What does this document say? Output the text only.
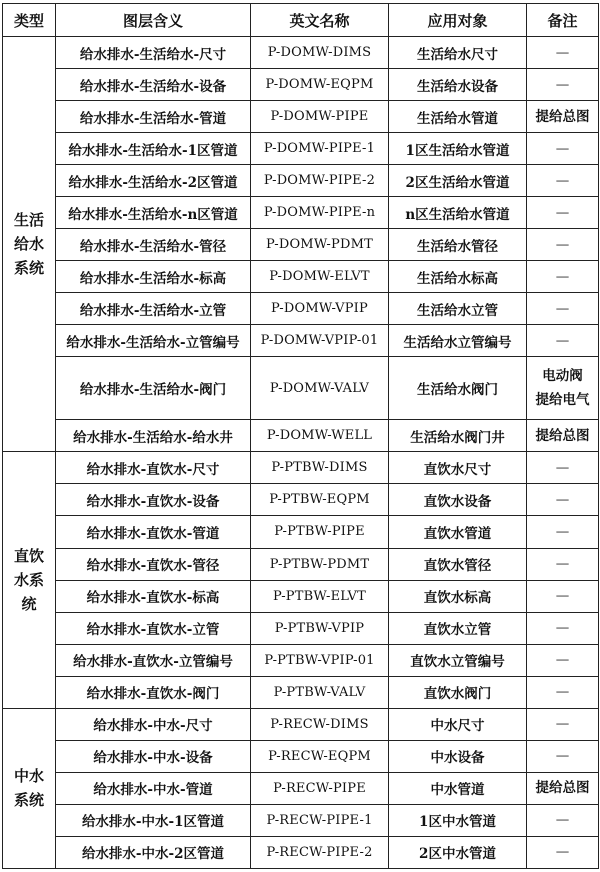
类型	图层含义	英文名称	应用对象	备注

生活
给水
系统	给水排水-生活给水-尺寸	P-DOMW-DIMS	生活给水尺寸	—

	给水排水-生活给水-设备	P-DOMW-EQPM	生活给水设备	—

	给水排水-生活给水-管道	P-DOMW-PIPE	生活给水管道	提给总图

	给水排水-生活给水-1区管道	P-DOMW-PIPE-1	1区生活给水管道	—

	给水排水-生活给水-2区管道	P-DOMW-PIPE-2	2区生活给水管道	—

	给水排水-生活给水-n区管道	P-DOMW-PIPE-n	n区生活给水管道	—

	给水排水-生活给水-管径	P-DOMW-PDMT	生活给水管径	—

	给水排水-生活给水-标高	P-DOMW-ELVT	生活给水标高	—

	给水排水-生活给水-立管	P-DOMW-VPIP	生活给水立管	—

	给水排水-生活给水-立管编号	P-DOMW-VPIP-01	生活给水立管编号	—

	给水排水-生活给水-阀门	P-DOMW-VALV	生活给水阀门	电动阀
提给电气

	给水排水-生活给水-给水井	P-DOMW-WELL	生活给水阀门井	提给总图

直饮
水系
统	给水排水-直饮水-尺寸	P-PTBW-DIMS	直饮水尺寸	—

	给水排水-直饮水-设备	P-PTBW-EQPM	直饮水设备	—

	给水排水-直饮水-管道	P-PTBW-PIPE	直饮水管道	—

	给水排水-直饮水-管径	P-PTBW-PDMT	直饮水管径	—

	给水排水-直饮水-标高	P-PTBW-ELVT	直饮水标高	—

	给水排水-直饮水-立管	P-PTBW-VPIP	直饮水立管	—

	给水排水-直饮水-立管编号	P-PTBW-VPIP-01	直饮水立管编号	—

	给水排水-直饮水-阀门	P-PTBW-VALV	直饮水阀门	—

中水
系统	给水排水-中水-尺寸	P-RECW-DIMS	中水尺寸	—

	给水排水-中水-设备	P-RECW-EQPM	中水设备	—

	给水排水-中水-管道	P-RECW-PIPE	中水管道	提给总图

	给水排水-中水-1区管道	P-RECW-PIPE-1	1区中水管道	—

	给水排水-中水-2区管道	P-RECW-PIPE-2	2区中水管道	—
